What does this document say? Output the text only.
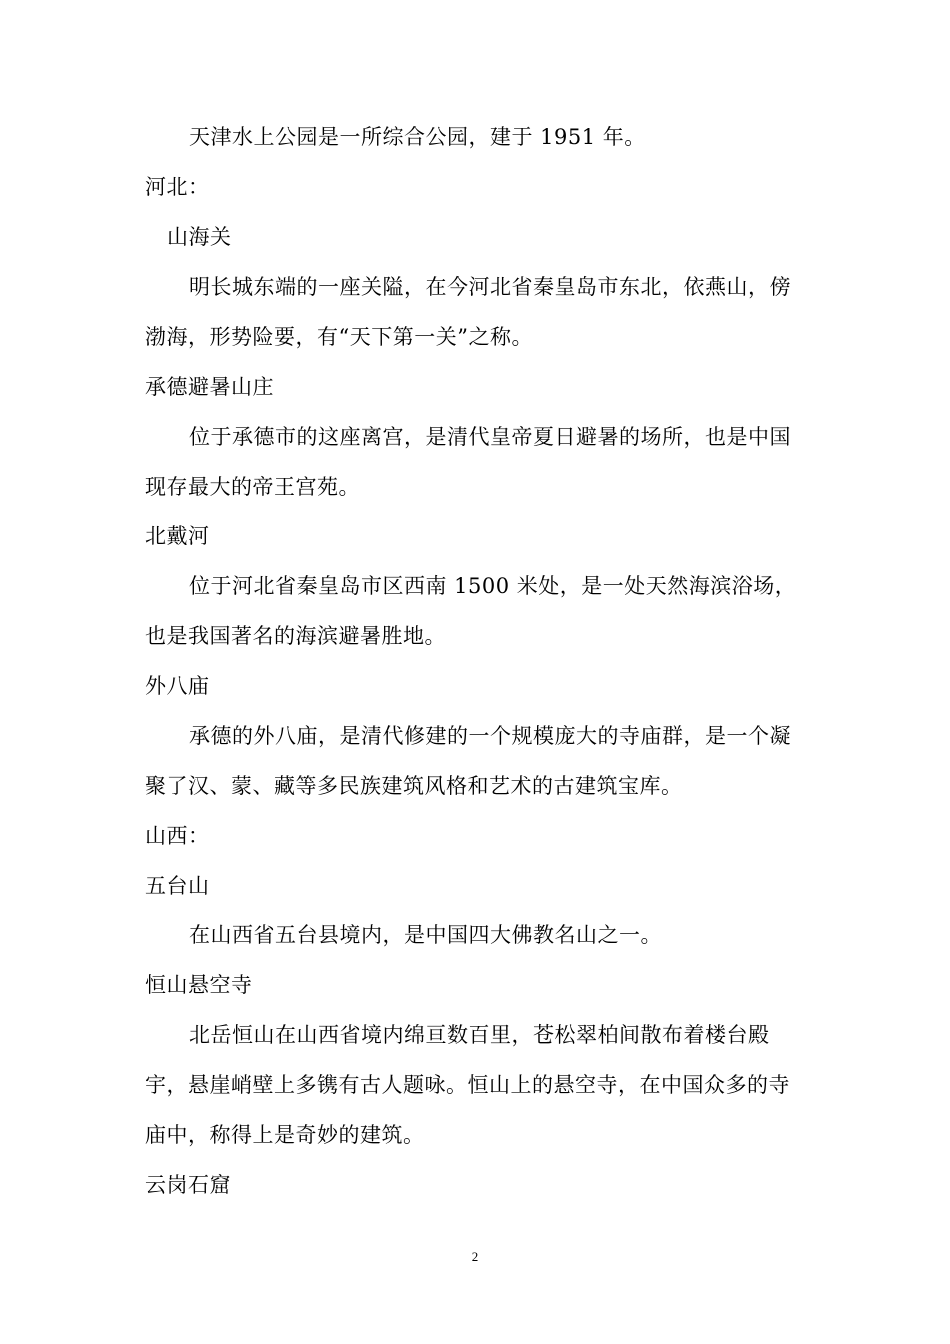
天津水上公园是一所综合公园，建于 1951 年。
河北：
山海关
明长城东端的一座关隘，在今河北省秦皇岛市东北，依燕山，傍
渤海，形势险要，有“天下第一关”之称。
承德避暑山庄
位于承德市的这座离宫，是清代皇帝夏日避暑的场所，也是中国
现存最大的帝王宫苑。
北戴河
位于河北省秦皇岛市区西南 1500 米处，是一处天然海滨浴场，
也是我国著名的海滨避暑胜地。
外八庙
承德的外八庙，是清代修建的一个规模庞大的寺庙群，是一个凝
聚了汉、蒙、藏等多民族建筑风格和艺术的古建筑宝库。
山西：
五台山
在山西省五台县境内，是中国四大佛教名山之一。
恒山悬空寺
北岳恒山在山西省境内绵亘数百里，苍松翠柏间散布着楼台殿
宇，悬崖峭壁上多镌有古人题咏。恒山上的悬空寺，在中国众多的寺
庙中，称得上是奇妙的建筑。
云岗石窟
2
